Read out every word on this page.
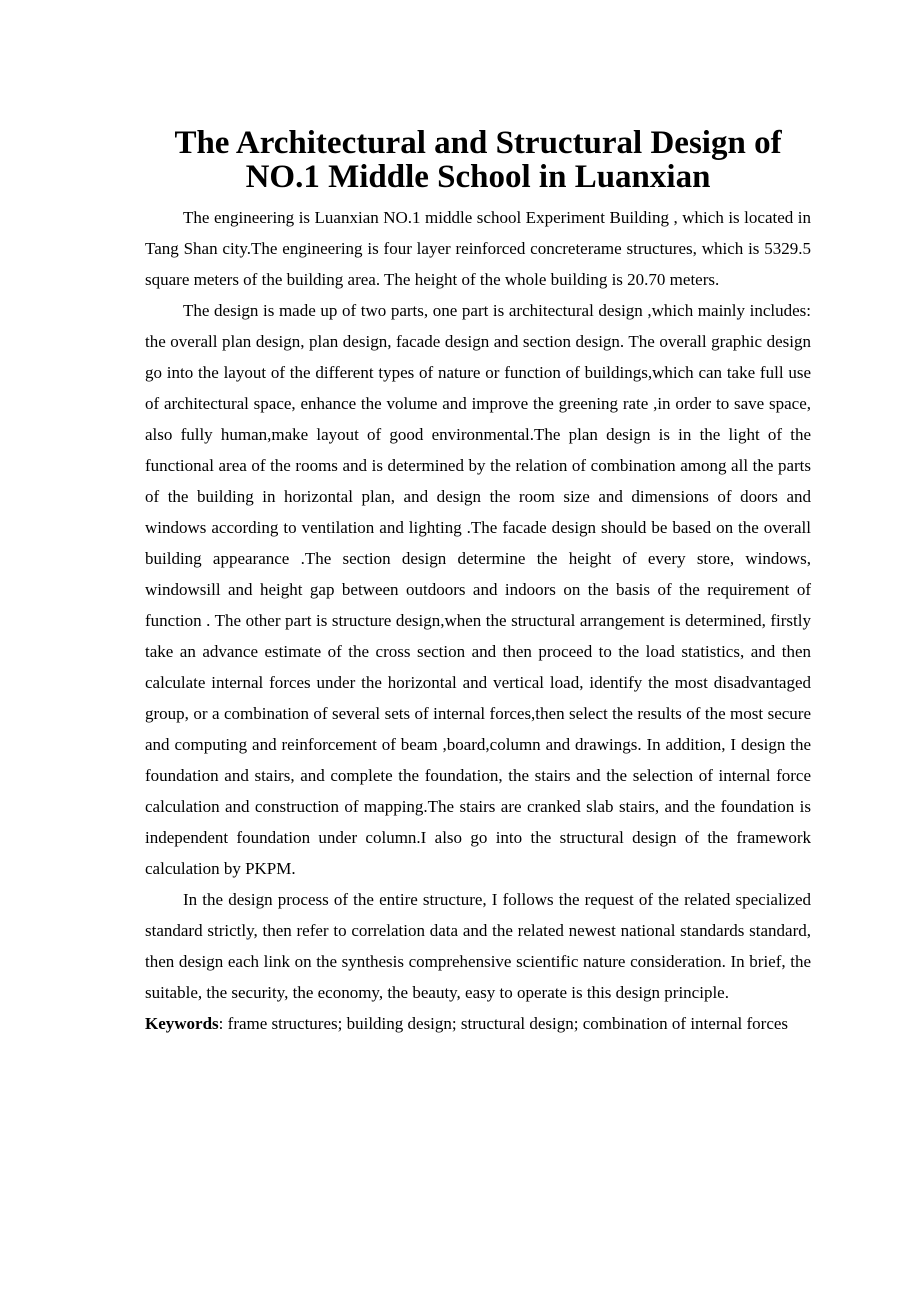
The Architectural and Structural Design of
NO.1 Middle School in Luanxian

The engineering is Luanxian NO.1 middle school Experiment Building , which is located in Tang Shan city.The engineering is four layer reinforced concreterame structures, which is 5329.5 square meters of the building area. The height of the whole building is 20.70 meters.

The design is made up of two parts, one part is architectural design ,which mainly includes: the overall plan design, plan design, facade design and section design. The overall graphic design go into the layout of the different types of nature or function of buildings,which can take full use of architectural space, enhance the volume and improve the greening rate ,in order to save space, also fully human,make layout of good environmental.The plan design is in the light of the functional area of the rooms and is determined by the relation of combination among all the parts of the building in horizontal plan, and design the room size and dimensions of doors and windows according to ventilation and lighting .The facade design should be based on the overall building appearance .The section design determine the height of every store, windows, windowsill and height gap between outdoors and indoors on the basis of the requirement of function . The other part is structure design,when the structural arrangement is determined, firstly take an advance estimate of the cross section and then proceed to the load statistics, and then calculate internal forces under the horizontal and vertical load, identify the most disadvantaged group, or a combination of several sets of internal forces,then select the results of the most secure and computing and reinforcement of beam ,board,column and drawings. In addition, I design the foundation and stairs, and complete the foundation, the stairs and the selection of internal force calculation and construction of mapping.The stairs are cranked slab stairs, and the foundation is independent foundation under column.I also go into the structural design of the framework calculation by PKPM.

In the design process of the entire structure, I follows the request of the related specialized standard strictly, then refer to correlation data and the related newest national standards standard, then design each link on the synthesis comprehensive scientific nature consideration. In brief, the suitable, the security, the economy, the beauty, easy to operate is this design principle.

Keywords : frame structures; building design; structural design; combination of internal forces
